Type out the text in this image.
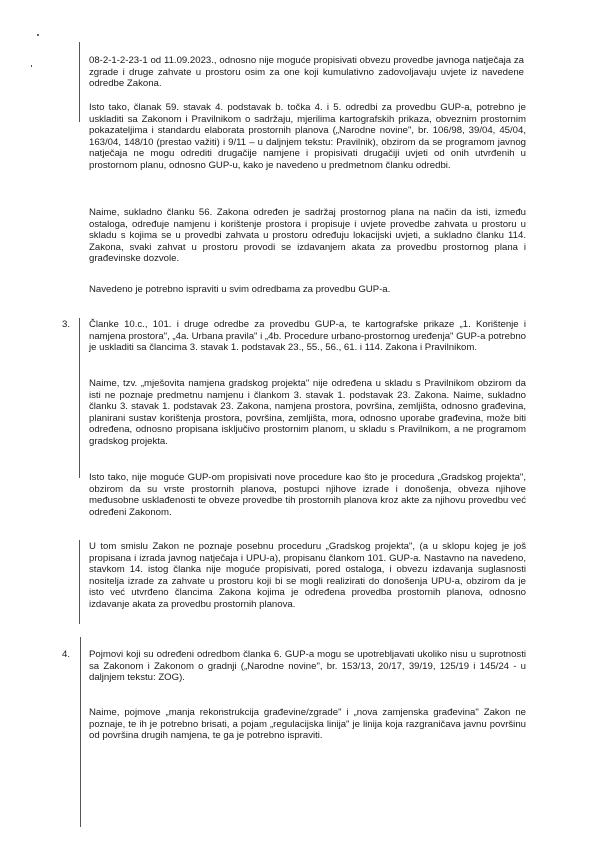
08-2-1-2-23-1 od 11.09.2023., odnosno nije moguće propisivati obvezu provedbe javnoga natječaja za zgrade i druge zahvate u prostoru osim za one koji kumulativno zadovoljavaju uvjete iz navedene odredbe Zakona.

Isto tako, članak 59. stavak 4. podstavak b. točka 4. i 5. odredbi za provedbu GUP-a, potrebno je uskladiti sa Zakonom i Pravilnikom o sadržaju, mjerilima kartografskih prikaza, obveznim prostornim pokazateljima i standardu elaborata prostornih planova („Narodne novine", br. 106/98, 39/04, 45/04, 163/04, 148/10 (prestao važiti) i 9/11 – u daljnjem tekstu: Pravilnik), obzirom da se programom javnog natječaja ne mogu odrediti drugačije namjene i propisivati drugačiji uvjeti od onih utvrđenih u prostornom planu, odnosno GUP-u, kako je navedeno u predmetnom članku odredbi.

Naime, sukladno članku 56. Zakona određen je sadržaj prostornog plana na način da isti, između ostaloga, određuje namjenu i korištenje prostora i propisuje i uvjete provedbe zahvata u prostoru u skladu s kojima se u provedbi zahvata u prostoru određuju lokacijski uvjeti, a sukladno članku 114. Zakona, svaki zahvat u prostoru provodi se izdavanjem akata za provedbu prostornog plana i građevinske dozvole.

Navedeno je potrebno ispraviti u svim odredbama za provedbu GUP-a.

3. Članke 10.c., 101. i druge odredbe za provedbu GUP-a, te kartografske prikaze „1. Korištenje i namjena prostora", „4a. Urbana pravila" i „4b. Procedure urbano-prostornog uređenja" GUP-a potrebno je uskladiti sa člancima 3. stavak 1. podstavak 23., 55., 56., 61. i 114. Zakona i Pravilnikom.

Naime, tzv. „mješovita namjena gradskog projekta" nije određena u skladu s Pravilnikom obzirom da isti ne poznaje predmetnu namjenu i člankom 3. stavak 1. podstavak 23. Zakona. Naime, sukladno članku 3. stavak 1. podstavak 23. Zakona, namjena prostora, površina, zemljišta, odnosno građevina, planirani sustav korištenja prostora, površina, zemljišta, mora, odnosno uporabe građevina, može biti određena, odnosno propisana isključivo prostornim planom, u skladu s Pravilnikom, a ne programom gradskog projekta.

Isto tako, nije moguće GUP-om propisivati nove procedure kao što je procedura „Gradskog projekta", obzirom da su vrste prostornih planova, postupci njihove izrade i donošenja, obveza njihove međusobne usklađenosti te obveze provedbe tih prostornih planova kroz akte za njihovu provedbu već određeni Zakonom.

U tom smislu Zakon ne poznaje posebnu proceduru „Gradskog projekta", (a u sklopu kojeg je još propisana i izrada javnog natječaja i UPU-a), propisanu člankom 101. GUP-a. Nastavno na navedeno, stavkom 14. istog članka nije moguće propisivati, pored ostaloga, i obvezu izdavanja suglasnosti nositelja izrade za zahvate u prostoru koji bi se mogli realizirati do donošenja UPU-a, obzirom da je isto već utvrđeno člancima Zakona kojima je određena provedba prostornih planova, odnosno izdavanje akata za provedbu prostornih planova.

4. Pojmovi koji su određeni odredbom članka 6. GUP-a mogu se upotrebljavati ukoliko nisu u suprotnosti sa Zakonom i Zakonom o gradnji („Narodne novine", br. 153/13, 20/17, 39/19, 125/19 i 145/24 - u daljnjem tekstu: ZOG).

Naime, pojmove „manja rekonstrukcija građevine/zgrade" i „nova zamjenska građevina" Zakon ne poznaje, te ih je potrebno brisati, a pojam „regulacijska linija" je linija koja razgraničava javnu površinu od površina drugih namjena, te ga je potrebno ispraviti.
